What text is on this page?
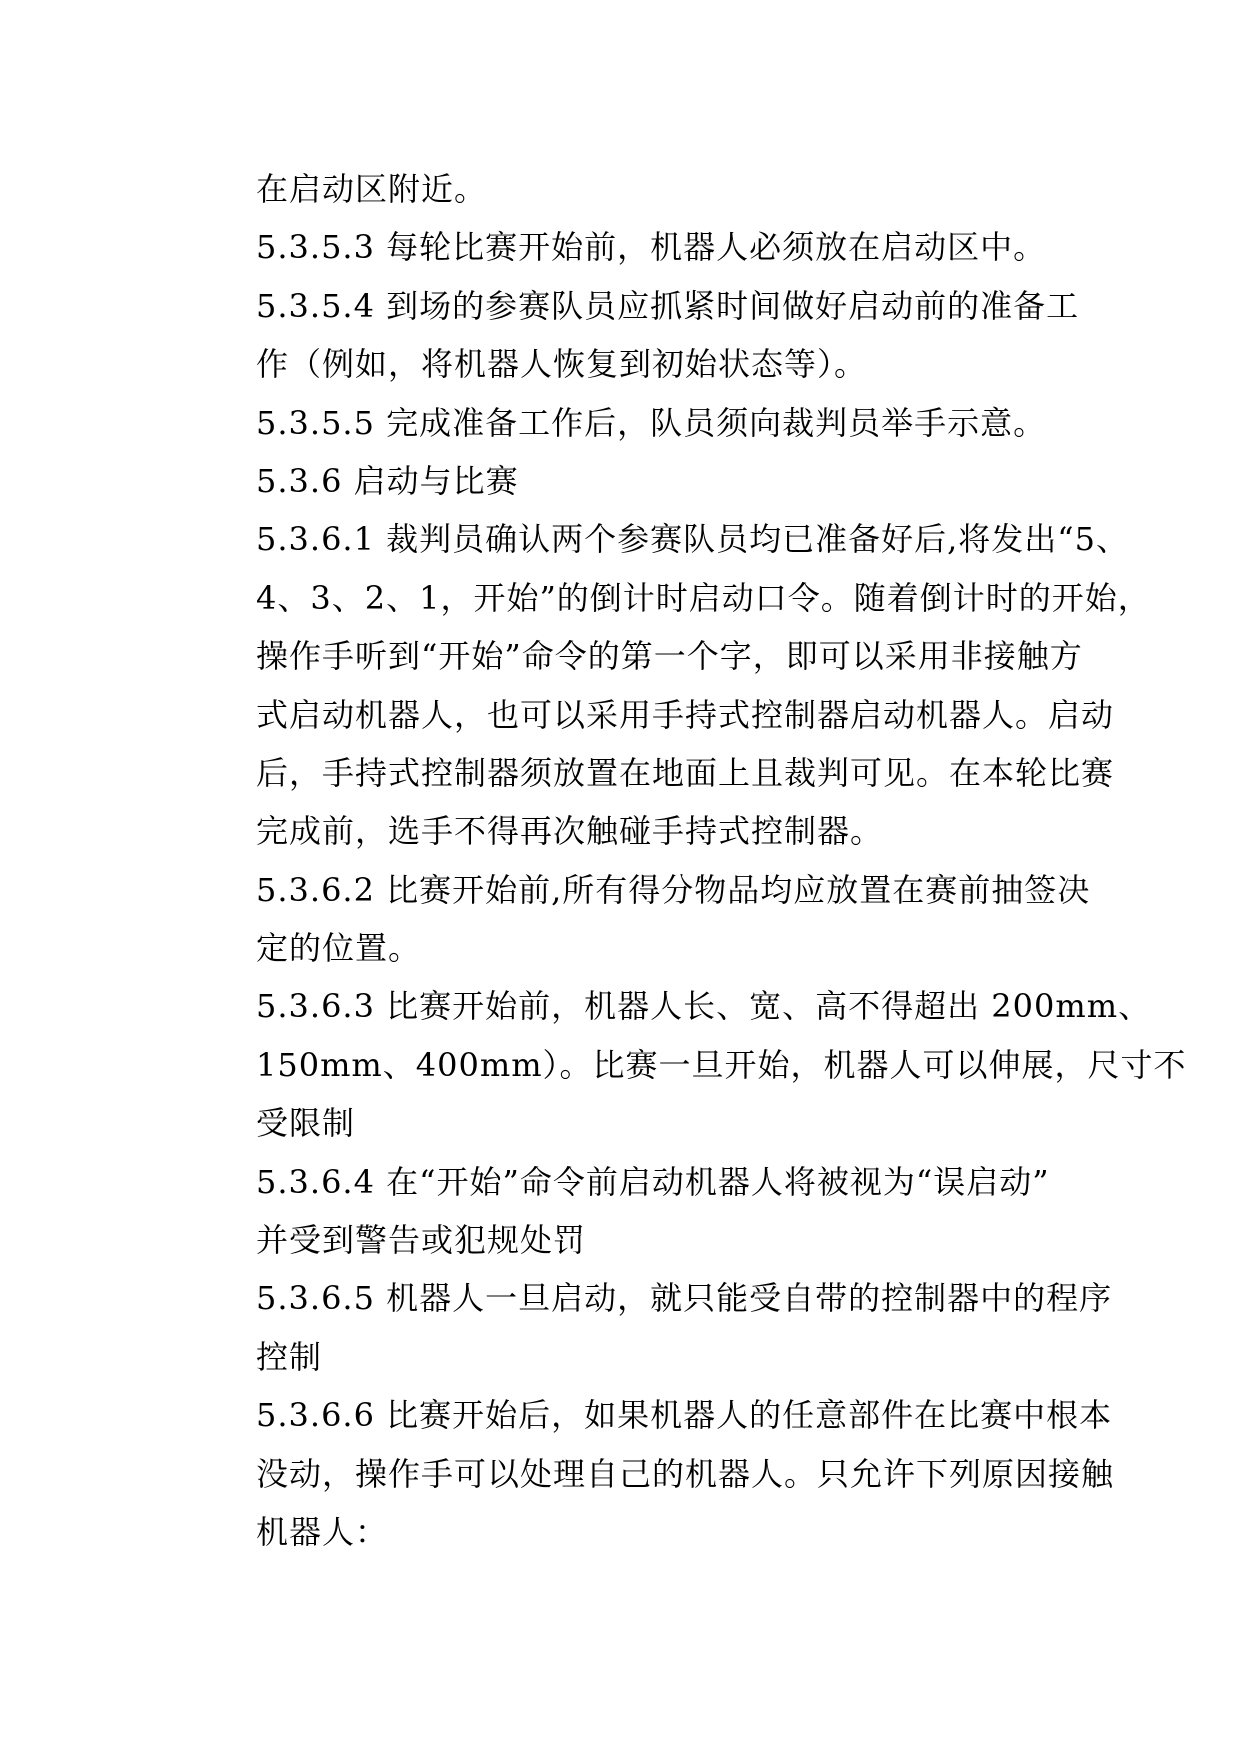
在启动区附近。
5.3.5.3 每轮比赛开始前，机器人必须放在启动区中。
5.3.5.4 到场的参赛队员应抓紧时间做好启动前的准备工
作（例如，将机器人恢复到初始状态等）。
5.3.5.5 完成准备工作后，队员须向裁判员举手示意。
5.3.6 启动与比赛
5.3.6.1 裁判员确认两个参赛队员均已准备好后,将发出“5、
4、3、2、1，开始”的倒计时启动口令。随着倒计时的开始，
操作手听到“开始”命令的第一个字，即可以采用非接触方
式启动机器人，也可以采用手持式控制器启动机器人。启动
后，手持式控制器须放置在地面上且裁判可见。在本轮比赛
完成前，选手不得再次触碰手持式控制器。
5.3.6.2 比赛开始前,所有得分物品均应放置在赛前抽签决
定的位置。
5.3.6.3 比赛开始前，机器人长、宽、高不得超出 200mm、
150mm、400mm）。比赛一旦开始，机器人可以伸展，尺寸不
受限制
5.3.6.4 在“开始”命令前启动机器人将被视为“误启动”
并受到警告或犯规处罚
5.3.6.5 机器人一旦启动，就只能受自带的控制器中的程序
控制
5.3.6.6 比赛开始后，如果机器人的任意部件在比赛中根本
没动，操作手可以处理自己的机器人。只允许下列原因接触
机器人：
